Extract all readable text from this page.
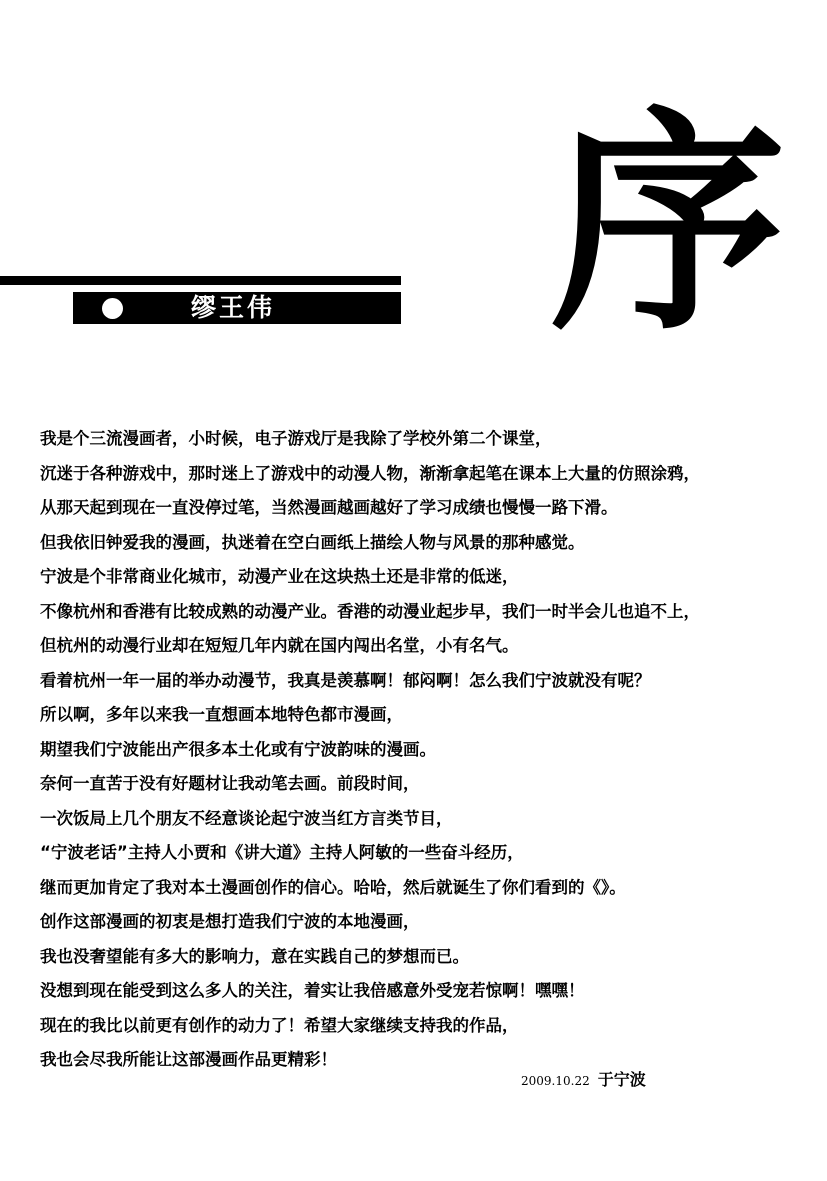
序
缪王伟
我是个三流漫画者，小时候，电子游戏厅是我除了学校外第二个课堂，
沉迷于各种游戏中，那时迷上了游戏中的动漫人物，渐渐拿起笔在课本上大量的仿照涂鸦，
从那天起到现在一直没停过笔，当然漫画越画越好了学习成绩也慢慢一路下滑。
但我依旧钟爱我的漫画，执迷着在空白画纸上描绘人物与风景的那种感觉。
宁波是个非常商业化城市，动漫产业在这块热土还是非常的低迷，
不像杭州和香港有比较成熟的动漫产业。香港的动漫业起步早，我们一时半会儿也追不上，
但杭州的动漫行业却在短短几年内就在国内闯出名堂，小有名气。
看着杭州一年一届的举办动漫节，我真是羡慕啊！郁闷啊！怎么我们宁波就没有呢？
所以啊，多年以来我一直想画本地特色都市漫画，
期望我们宁波能出产很多本土化或有宁波韵味的漫画。
奈何一直苦于没有好题材让我动笔去画。前段时间，
一次饭局上几个朋友不经意谈论起宁波当红方言类节目，
“宁波老话”主持人小贾和《讲大道》主持人阿敏的一些奋斗经历，
继而更加肯定了我对本土漫画创作的信心。哈哈，然后就诞生了你们看到的《》。
创作这部漫画的初衷是想打造我们宁波的本地漫画，
我也没奢望能有多大的影响力，意在实践自己的梦想而已。
没想到现在能受到这么多人的关注，着实让我倍感意外受宠若惊啊！嘿嘿！
现在的我比以前更有创作的动力了！希望大家继续支持我的作品，
我也会尽我所能让这部漫画作品更精彩！
2009.10.22 于宁波
